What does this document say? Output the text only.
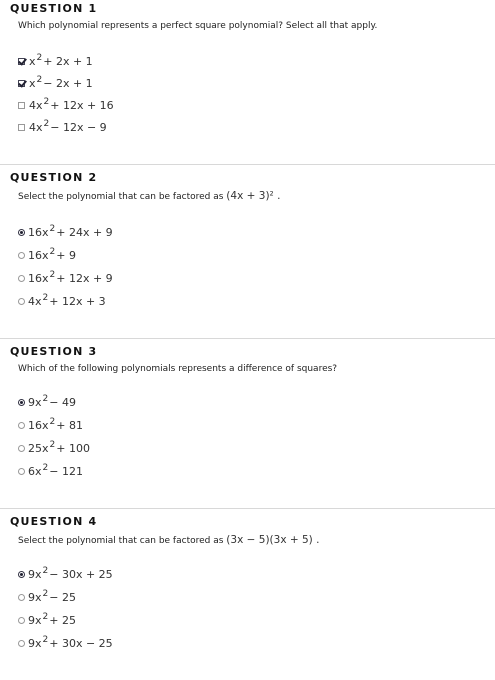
QUESTION 1
Which polynomial represents a perfect square polynomial? Select all that apply.
$x^2+ 2x + 1$
$x^2- 2x + 1$
$4x^2+ 12x + 16$
$4x^2- 12x - 9$
QUESTION 2
Select the polynomial that can be factored as (4x + 3)² .
$16x^2+ 24x + 9$
$16x^2+ 9$
$16x^2+ 12x + 9$
$4x^2+ 12x + 3$
QUESTION 3
Which of the following polynomials represents a difference of squares?
$9x^2- 49$
$16x^2+ 81$
$25x^2+ 100$
$6x^2- 121$
QUESTION 4
Select the polynomial that can be factored as (3x − 5)(3x + 5) .
$9x^2- 30x + 25$
$9x^2- 25$
$9x^2+ 25$
$9x^2+ 30x - 25$
